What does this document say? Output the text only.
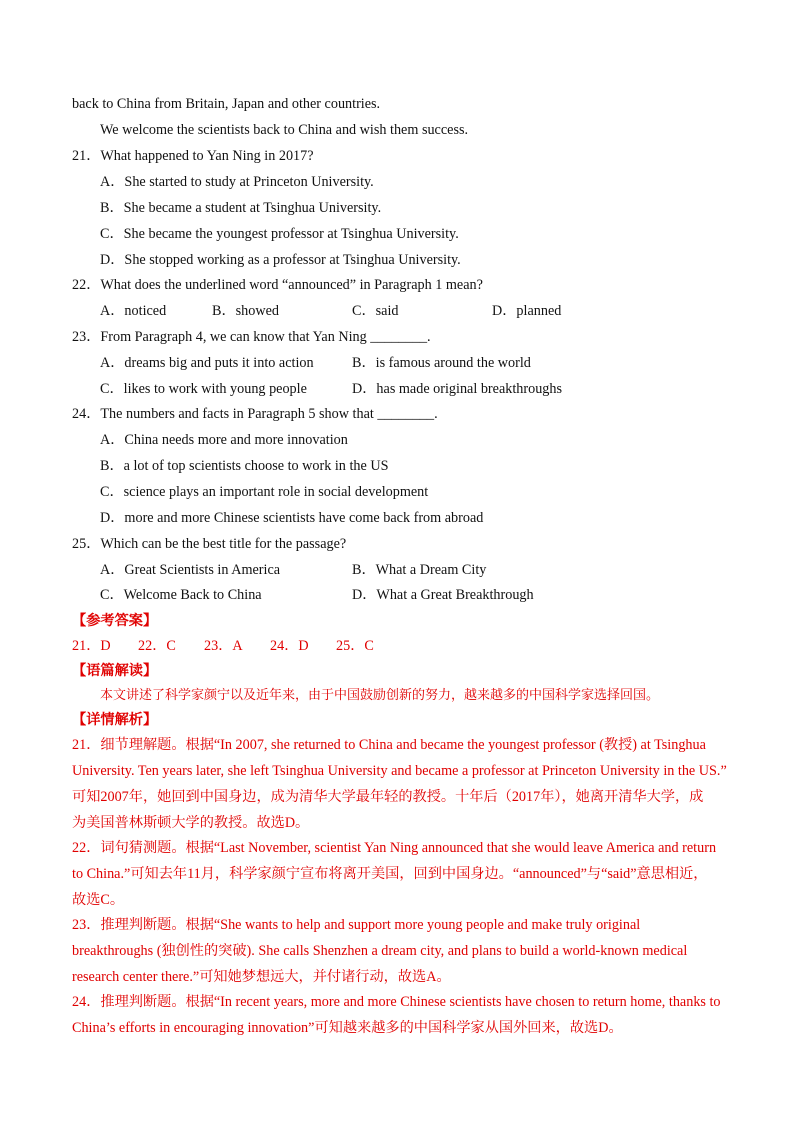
back to China from Britain, Japan and other countries.
We welcome the scientists back to China and wish them success.
21．What happened to Yan Ning in 2017?
A．She started to study at Princeton University.
B．She became a student at Tsinghua University.
C．She became the youngest professor at Tsinghua University.
D．She stopped working as a professor at Tsinghua University.
22．What does the underlined word “announced” in Paragraph 1 mean?
A．noticed	B．showed	C．said	D．planned
23．From Paragraph 4, we can know that Yan Ning ________.
A．dreams big and puts it into action	B．is famous around the world
C．likes to work with young people	D．has made original breakthroughs
24．The numbers and facts in Paragraph 5 show that ________.
A．China needs more and more innovation
B．a lot of top scientists choose to work in the US
C．science plays an important role in social development
D．more and more Chinese scientists have come back from abroad
25．Which can be the best title for the passage?
A．Great Scientists in America	B．What a Dream City
C．Welcome Back to China	D．What a Great Breakthrough
【参考答案】
21．D 22．C 23．A 24．D 25．C
【语篇解读】
本文讲述了科学家颜宁以及近年来，由于中国鼓励创新的努力，越来越多的中国科学家选择回国。
【详情解析】
21．细节理解题。根据“In 2007, she returned to China and became the youngest professor (教授) at Tsinghua
University. Ten years later, she left Tsinghua University and became a professor at Princeton University in the US.”
可知2007年，她回到中国身边，成为清华大学最年轻的教授。十年后（2017年），她离开清华大学，成
为美国普林斯顿大学的教授。故选D。
22．词句猜测题。根据“Last November, scientist Yan Ning announced that she would leave America and return
to China.”可知去年11月，科学家颜宁宣布将离开美国，回到中国身边。“announced”与“said”意思相近，
故选C。
23．推理判断题。根据“She wants to help and support more young people and make truly original
breakthroughs (独创性的突破). She calls Shenzhen a dream city, and plans to build a world-known medical
research center there.”可知她梦想远大，并付诸行动，故选A。
24．推理判断题。根据“In recent years, more and more Chinese scientists have chosen to return home, thanks to
China’s efforts in encouraging innovation”可知越来越多的中国科学家从国外回来，故选D。
